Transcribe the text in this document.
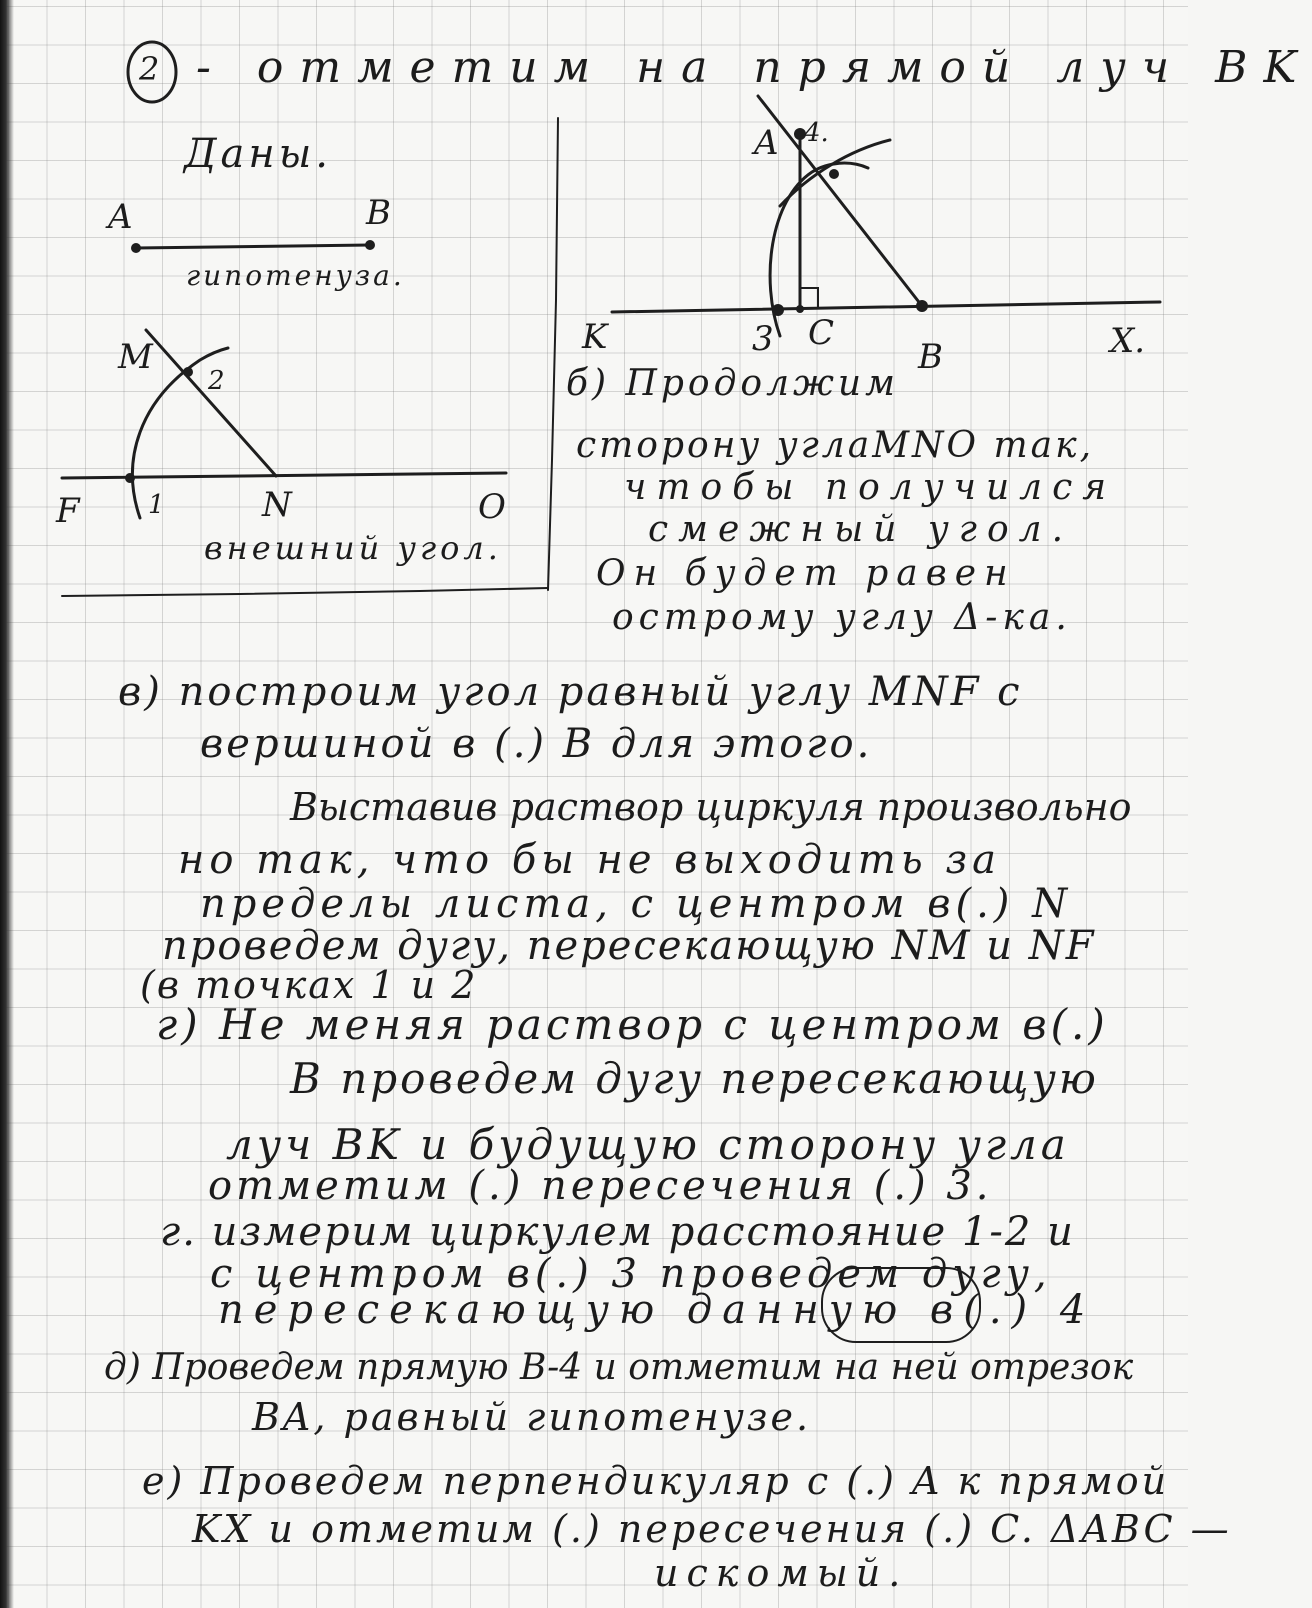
2 - отметим на прямой луч BK
Даны.
A	B
гипотенуза.
M
2
F	1	N	O
внешний угол.
A 4.
K	3 C
B	X.
б) Продолжим
сторону углаMNO так,
чтобы получился
смежный угол.
Он будет равен
острому углу Δ-ка.
в) построим угол равный углу MNF с
вершиной в (.) B для этого.
Выставив раствор циркуля произвольно
но так, что бы не выходить за
пределы листа, с центром в(.) N
проведем дугу, пересекающую NM и NF
(в точках 1 и 2
г) Не меняя раствор с центром в(.)
B проведем дугу пересекающую
луч BK и будущую сторону угла
отметим (.) пересечения (.) 3.
г. измерим циркулем расстояние 1-2 и
с центром в(.) 3 проведем дугу,
пересекающую данную в(.) 4
д) Проведем прямую B-4 и отметим на ней отрезок
BA, равный гипотенузе.
е) Проведем перпендикуляр с (.) A к прямой
KX и отметим (.) пересечения (.) C. ΔABC —
искомый.
